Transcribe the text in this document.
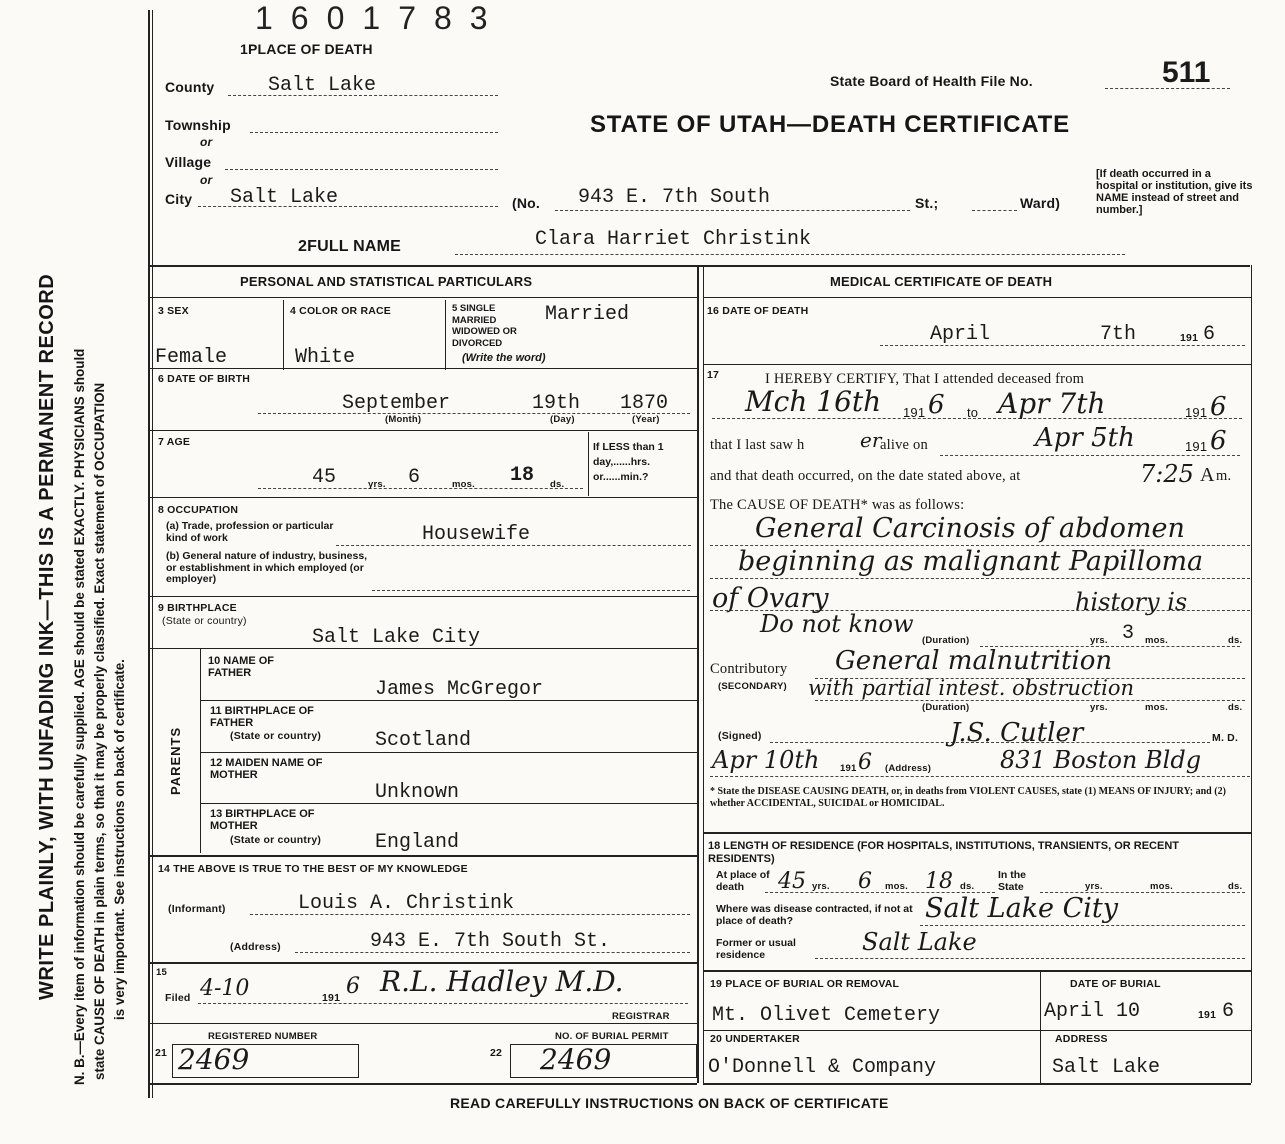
1601783
WRITE PLAINLY, WITH UNFADING INK—THIS IS A PERMANENT RECORD N. B.—Every item of information should be carefully supplied. AGE should be stated EXACTLY. PHYSICIANS should state CAUSE OF DEATH in plain terms, so that it may be properly classified. Exact statement of OCCUPATION is very important. See instructions on back of certificate.
1PLACE OF DEATH
County	Salt Lake
Township
or
Village
or
City Salt Lake	(No. 943 E. 7th South	St.;	Ward)
State Board of Health File No.	511
STATE OF UTAH—DEATH CERTIFICATE
[If death occurred in a hospital or institution, give its NAME instead of street and number.]
2FULL NAME	Clara Harriet Christink
PERSONAL AND STATISTICAL PARTICULARS	MEDICAL CERTIFICATE OF DEATH
3 SEX
Female
4 COLOR OR RACE
White
5 SINGLE MARRIED WIDOWED OR DIVORCED
(Write the word)
Married
6 DATE OF BIRTH
September	19th 1870
(Month)	(Day)	(Year)
7 AGE
45	yrs. 6	mos. 18 ds.
If LESS than 1 day,......hrs. or......min.?
8 OCCUPATION
(a) Trade, profession or particular kind of work	Housewife
(b) General nature of industry, business, or establishment in which employed (or employer)
9 BIRTHPLACE
(State or country)
Salt Lake City
PARENTS
10 NAME OF FATHER
James McGregor
11 BIRTHPLACE OF FATHER
(State or country)	Scotland
12 MAIDEN NAME OF MOTHER
Unknown
13 BIRTHPLACE OF MOTHER
(State or country)	England
14 THE ABOVE IS TRUE TO THE BEST OF MY KNOWLEDGE
(Informant)	Louis A. Christink
(Address)	943 E. 7th South St.
15
Filed 4-10	191 6 R.L. Hadley M.D.
REGISTRAR
REGISTERED NUMBER	NO. OF BURIAL PERMIT
21 2469	22 2469
16 DATE OF DEATH
April	7th	191 6
17	I HEREBY CERTIFY, That I attended deceased from
Mch 16th 191 6 to Apr 7th	191 6
that I last saw h	er
alive on	Apr 5th	191 6
and that death occurred, on the date stated above, at	7:25 A m.
The CAUSE OF DEATH* was as follows:
General Carcinosis of abdomen
beginning as malignant Papilloma
of Ovary	history is
Do not know
(Duration)	yrs. 3 mos.	ds.
Contributory
(SECONDARY)
General malnutrition
with partial intest. obstruction
(Duration)	yrs.	mos.	ds.
(Signed)	J.S. Cutler	M. D.
Apr 10th 191 6 (Address)	831 Boston Bldg
* State the DISEASE CAUSING DEATH, or, in deaths from VIOLENT CAUSES, state (1) MEANS OF INJURY; and (2) whether ACCIDENTAL, SUICIDAL or HOMICIDAL.
18 LENGTH OF RESIDENCE (FOR HOSPITALS, INSTITUTIONS, TRANSIENTS, OR RECENT RESIDENTS)
At place of death	45 yrs. 6 mos. 18 ds.
In the State	yrs.	mos.	ds.
Where was disease contracted, if not at place of death?	Salt Lake City
Former or usual residence	Salt Lake
19 PLACE OF BURIAL OR REMOVAL
Mt. Olivet Cemetery
DATE OF BURIAL
April 10	191 6
20 UNDERTAKER
O'Donnell & Company
ADDRESS
Salt Lake
READ CAREFULLY INSTRUCTIONS ON BACK OF CERTIFICATE
